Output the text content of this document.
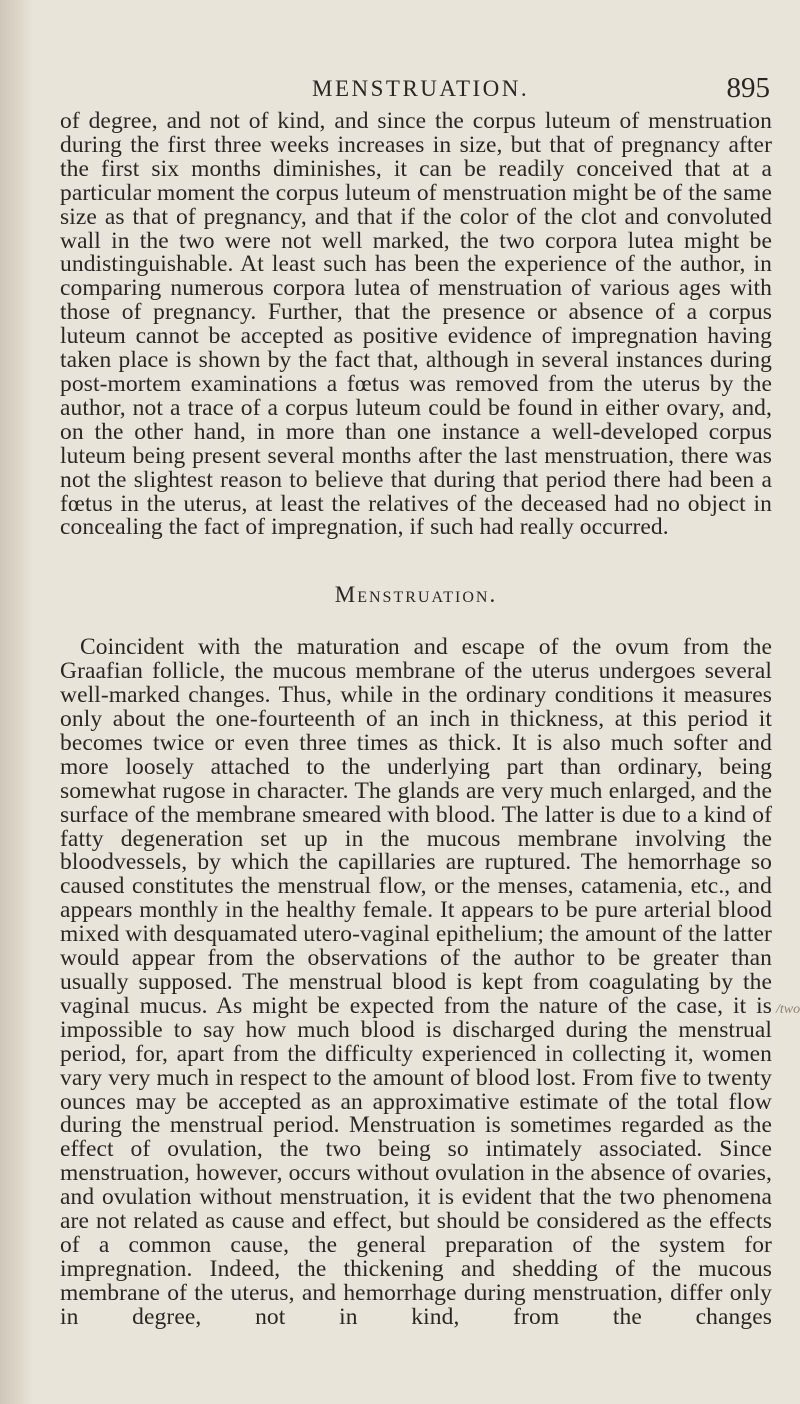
MENSTRUATION.	895

of degree, and not of kind, and since the corpus luteum of menstruation during the first three weeks increases in size, but that of pregnancy after the first six months diminishes, it can be readily conceived that at a particular moment the corpus luteum of menstruation might be of the same size as that of pregnancy, and that if the color of the clot and convoluted wall in the two were not well marked, the two corpora lutea might be undistinguishable. At least such has been the experience of the author, in comparing numerous corpora lutea of menstruation of various ages with those of pregnancy. Further, that the presence or absence of a corpus luteum cannot be accepted as positive evidence of impregnation having taken place is shown by the fact that, although in several instances during post-mortem examinations a fœtus was removed from the uterus by the author, not a trace of a corpus luteum could be found in either ovary, and, on the other hand, in more than one instance a well-developed corpus luteum being present several months after the last menstruation, there was not the slightest reason to believe that during that period there had been a fœtus in the uterus, at least the relatives of the deceased had no object in concealing the fact of impregnation, if such had really occurred.

Menstruation.

Coincident with the maturation and escape of the ovum from the Graafian follicle, the mucous membrane of the uterus undergoes several well-marked changes. Thus, while in the ordinary conditions it measures only about the one-fourteenth of an inch in thickness, at this period it becomes twice or even three times as thick. It is also much softer and more loosely attached to the underlying part than ordinary, being somewhat rugose in character. The glands are very much enlarged, and the surface of the membrane smeared with blood. The latter is due to a kind of fatty degeneration set up in the mucous membrane involving the bloodvessels, by which the capillaries are ruptured. The hemorrhage so caused constitutes the menstrual flow, or the menses, catamenia, etc., and appears monthly in the healthy female. It appears to be pure arterial blood mixed with desquamated utero-vaginal epithelium; the amount of the latter would appear from the observations of the author to be greater than usually supposed. The menstrual blood is kept from coagulating by the vaginal mucus. As might be expected from the nature of the case, it is impossible to say how much blood is discharged during the menstrual period, for, apart from the difficulty experienced in collecting it, women vary very much in respect to the amount of blood lost. From five to twenty ounces may be accepted as an approximative estimate of the total flow during the menstrual period. Menstruation is sometimes regarded as the effect of ovulation, the two being so intimately associated. Since menstruation, however, occurs without ovulation in the absence of ovaries, and ovulation without menstruation, it is evident that the two phenomena are not related as cause and effect, but should be considered as the effects of a common cause, the general preparation of the system for impregnation. Indeed, the thickening and shedding of the mucous membrane of the uterus, and hemorrhage during menstruation, differ only in degree, not in kind, from the changes

/two
